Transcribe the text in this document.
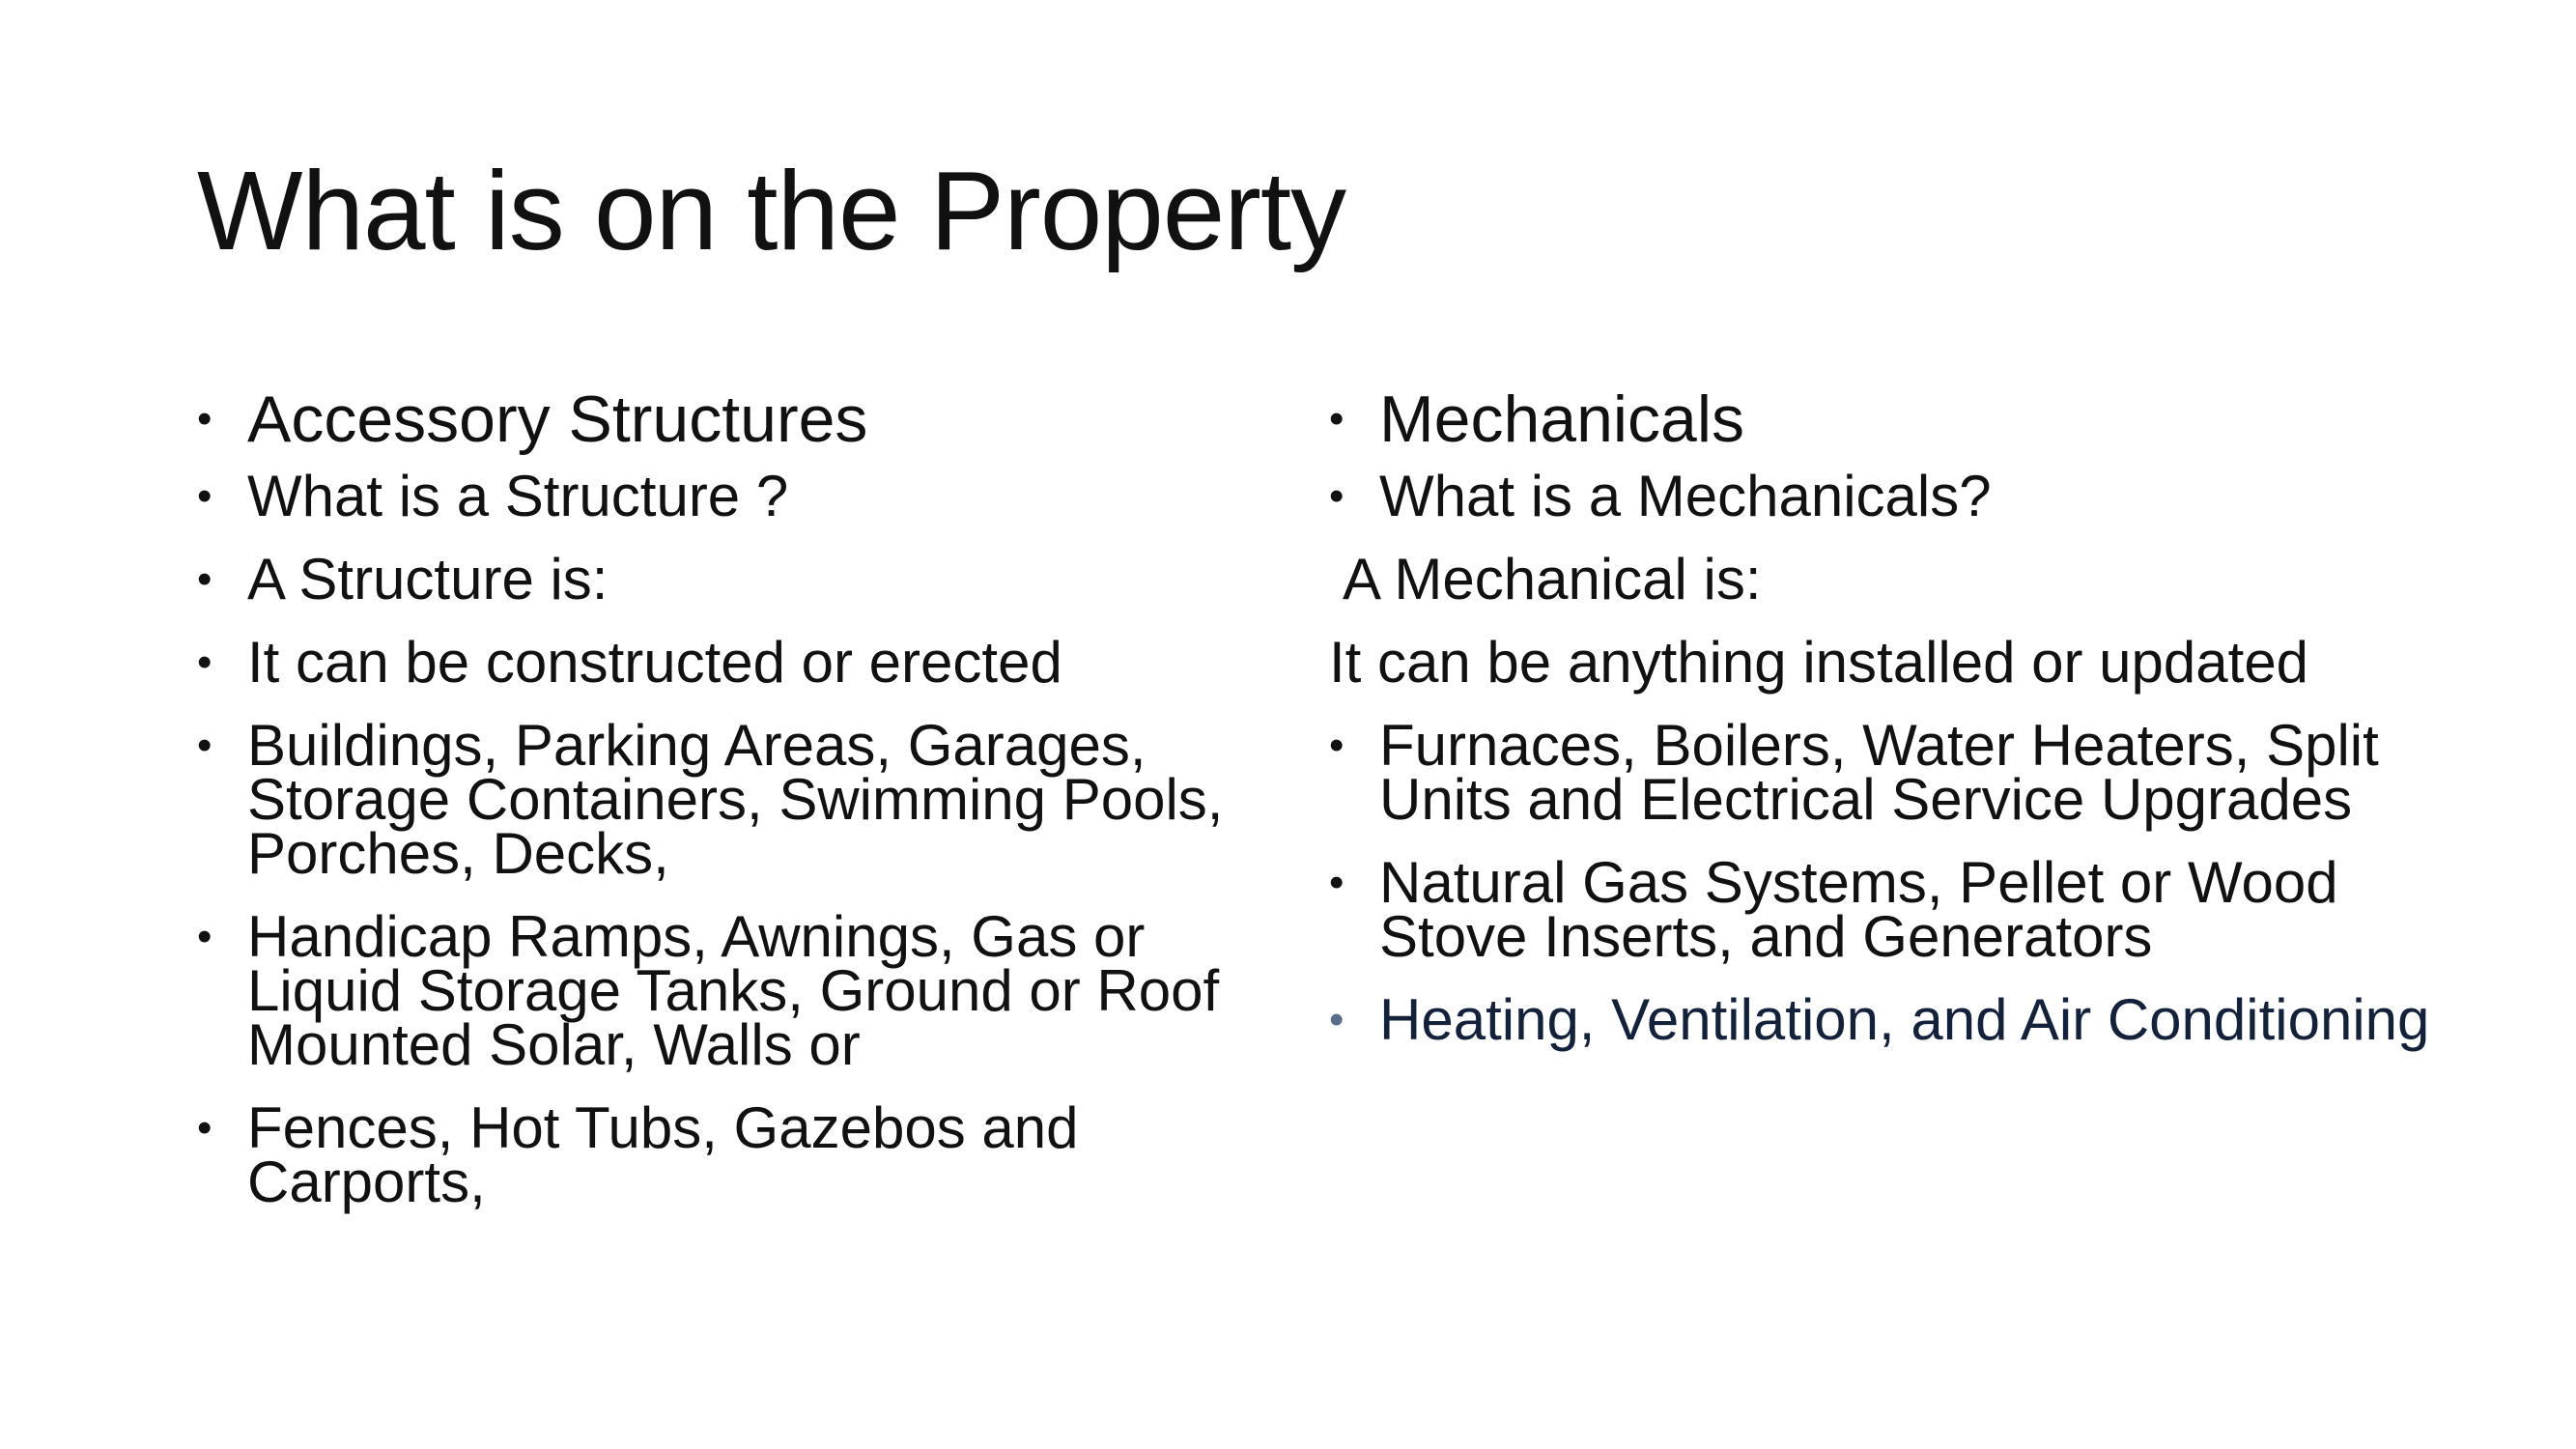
What is on the Property
• Accessory Structures
• What is a Structure ?
• A Structure is:
• It can be constructed or erected
• Buildings, Parking Areas, Garages, Storage Containers, Swimming Pools, Porches, Decks,
• Handicap Ramps, Awnings, Gas or Liquid Storage Tanks, Ground or Roof Mounted Solar, Walls or
• Fences, Hot Tubs, Gazebos and Carports,
• Mechanicals
• What is a Mechanicals?
A Mechanical is:
It can be anything installed or updated
• Furnaces, Boilers, Water Heaters, Split Units and Electrical Service Upgrades
• Natural Gas Systems, Pellet or Wood Stove Inserts, and Generators
• Heating, Ventilation, and Air Conditioning
